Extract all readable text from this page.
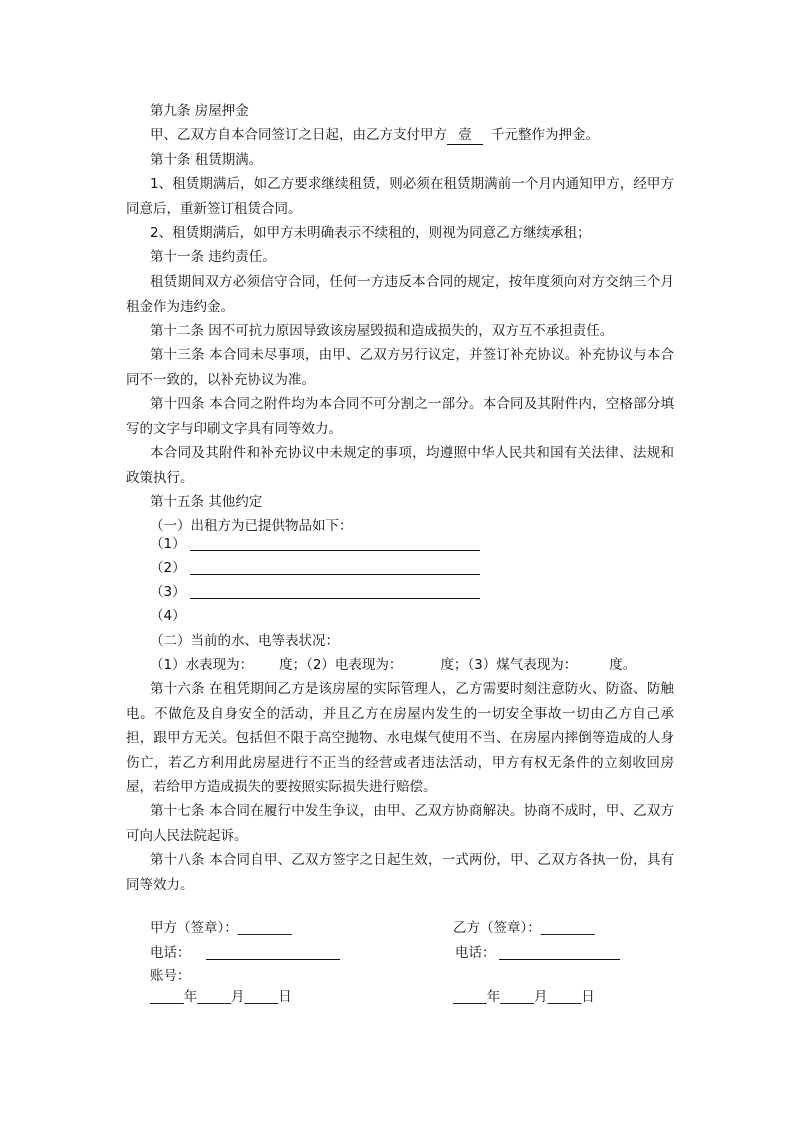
第九条 房屋押金

甲、乙双方自本合同签订之日起，由乙方支付甲方 壹 千元整作为押金。

第十条 租赁期满。

1、租赁期满后，如乙方要求继续租赁，则必须在租赁期满前一个月内通知甲方，经甲方同意后，重新签订租赁合同。

2、租赁期满后，如甲方未明确表示不续租的，则视为同意乙方继续承租；

第十一条 违约责任。

租赁期间双方必须信守合同，任何一方违反本合同的规定，按年度须向对方交纳三个月租金作为违约金。

第十二条 因不可抗力原因导致该房屋毁损和造成损失的，双方互不承担责任。

第十三条 本合同未尽事项，由甲、乙双方另行议定，并签订补充协议。补充协议与本合同不一致的，以补充协议为准。

第十四条 本合同之附件均为本合同不可分割之一部分。本合同及其附件内，空格部分填写的文字与印刷文字具有同等效力。

本合同及其附件和补充协议中未规定的事项，均遵照中华人民共和国有关法律、法规和政策执行。

第十五条 其他约定

（一）出租方为已提供物品如下：

（1）
（2）
（3）
（4）

（二）当前的水、电等表状况：

（1）水表现为： 度；（2）电表现为：	度；（3）煤气表现为： 度。

第十六条 在租凭期间乙方是该房屋的实际管理人，乙方需要时刻注意防火、防盗、防触电。不做危及自身安全的活动，并且乙方在房屋内发生的一切安全事故一切由乙方自己承担，跟甲方无关。包括但不限于高空抛物、水电煤气使用不当、在房屋内摔倒等造成的人身伤亡，若乙方利用此房屋进行不正当的经营或者违法活动，甲方有权无条件的立刻收回房屋，若给甲方造成损失的要按照实际损失进行赔偿。

第十七条 本合同在履行中发生争议，由甲、乙双方协商解决。协商不成时，甲、乙双方可向人民法院起诉。

第十八条 本合同自甲、乙双方签字之日起生效，一式两份，甲、乙双方各执一份，具有同等效力。

甲方（签章）：________	乙方（签章）：________
电话：	电话：
账号：
_____年_____月_____日	_____年_____月_____日
